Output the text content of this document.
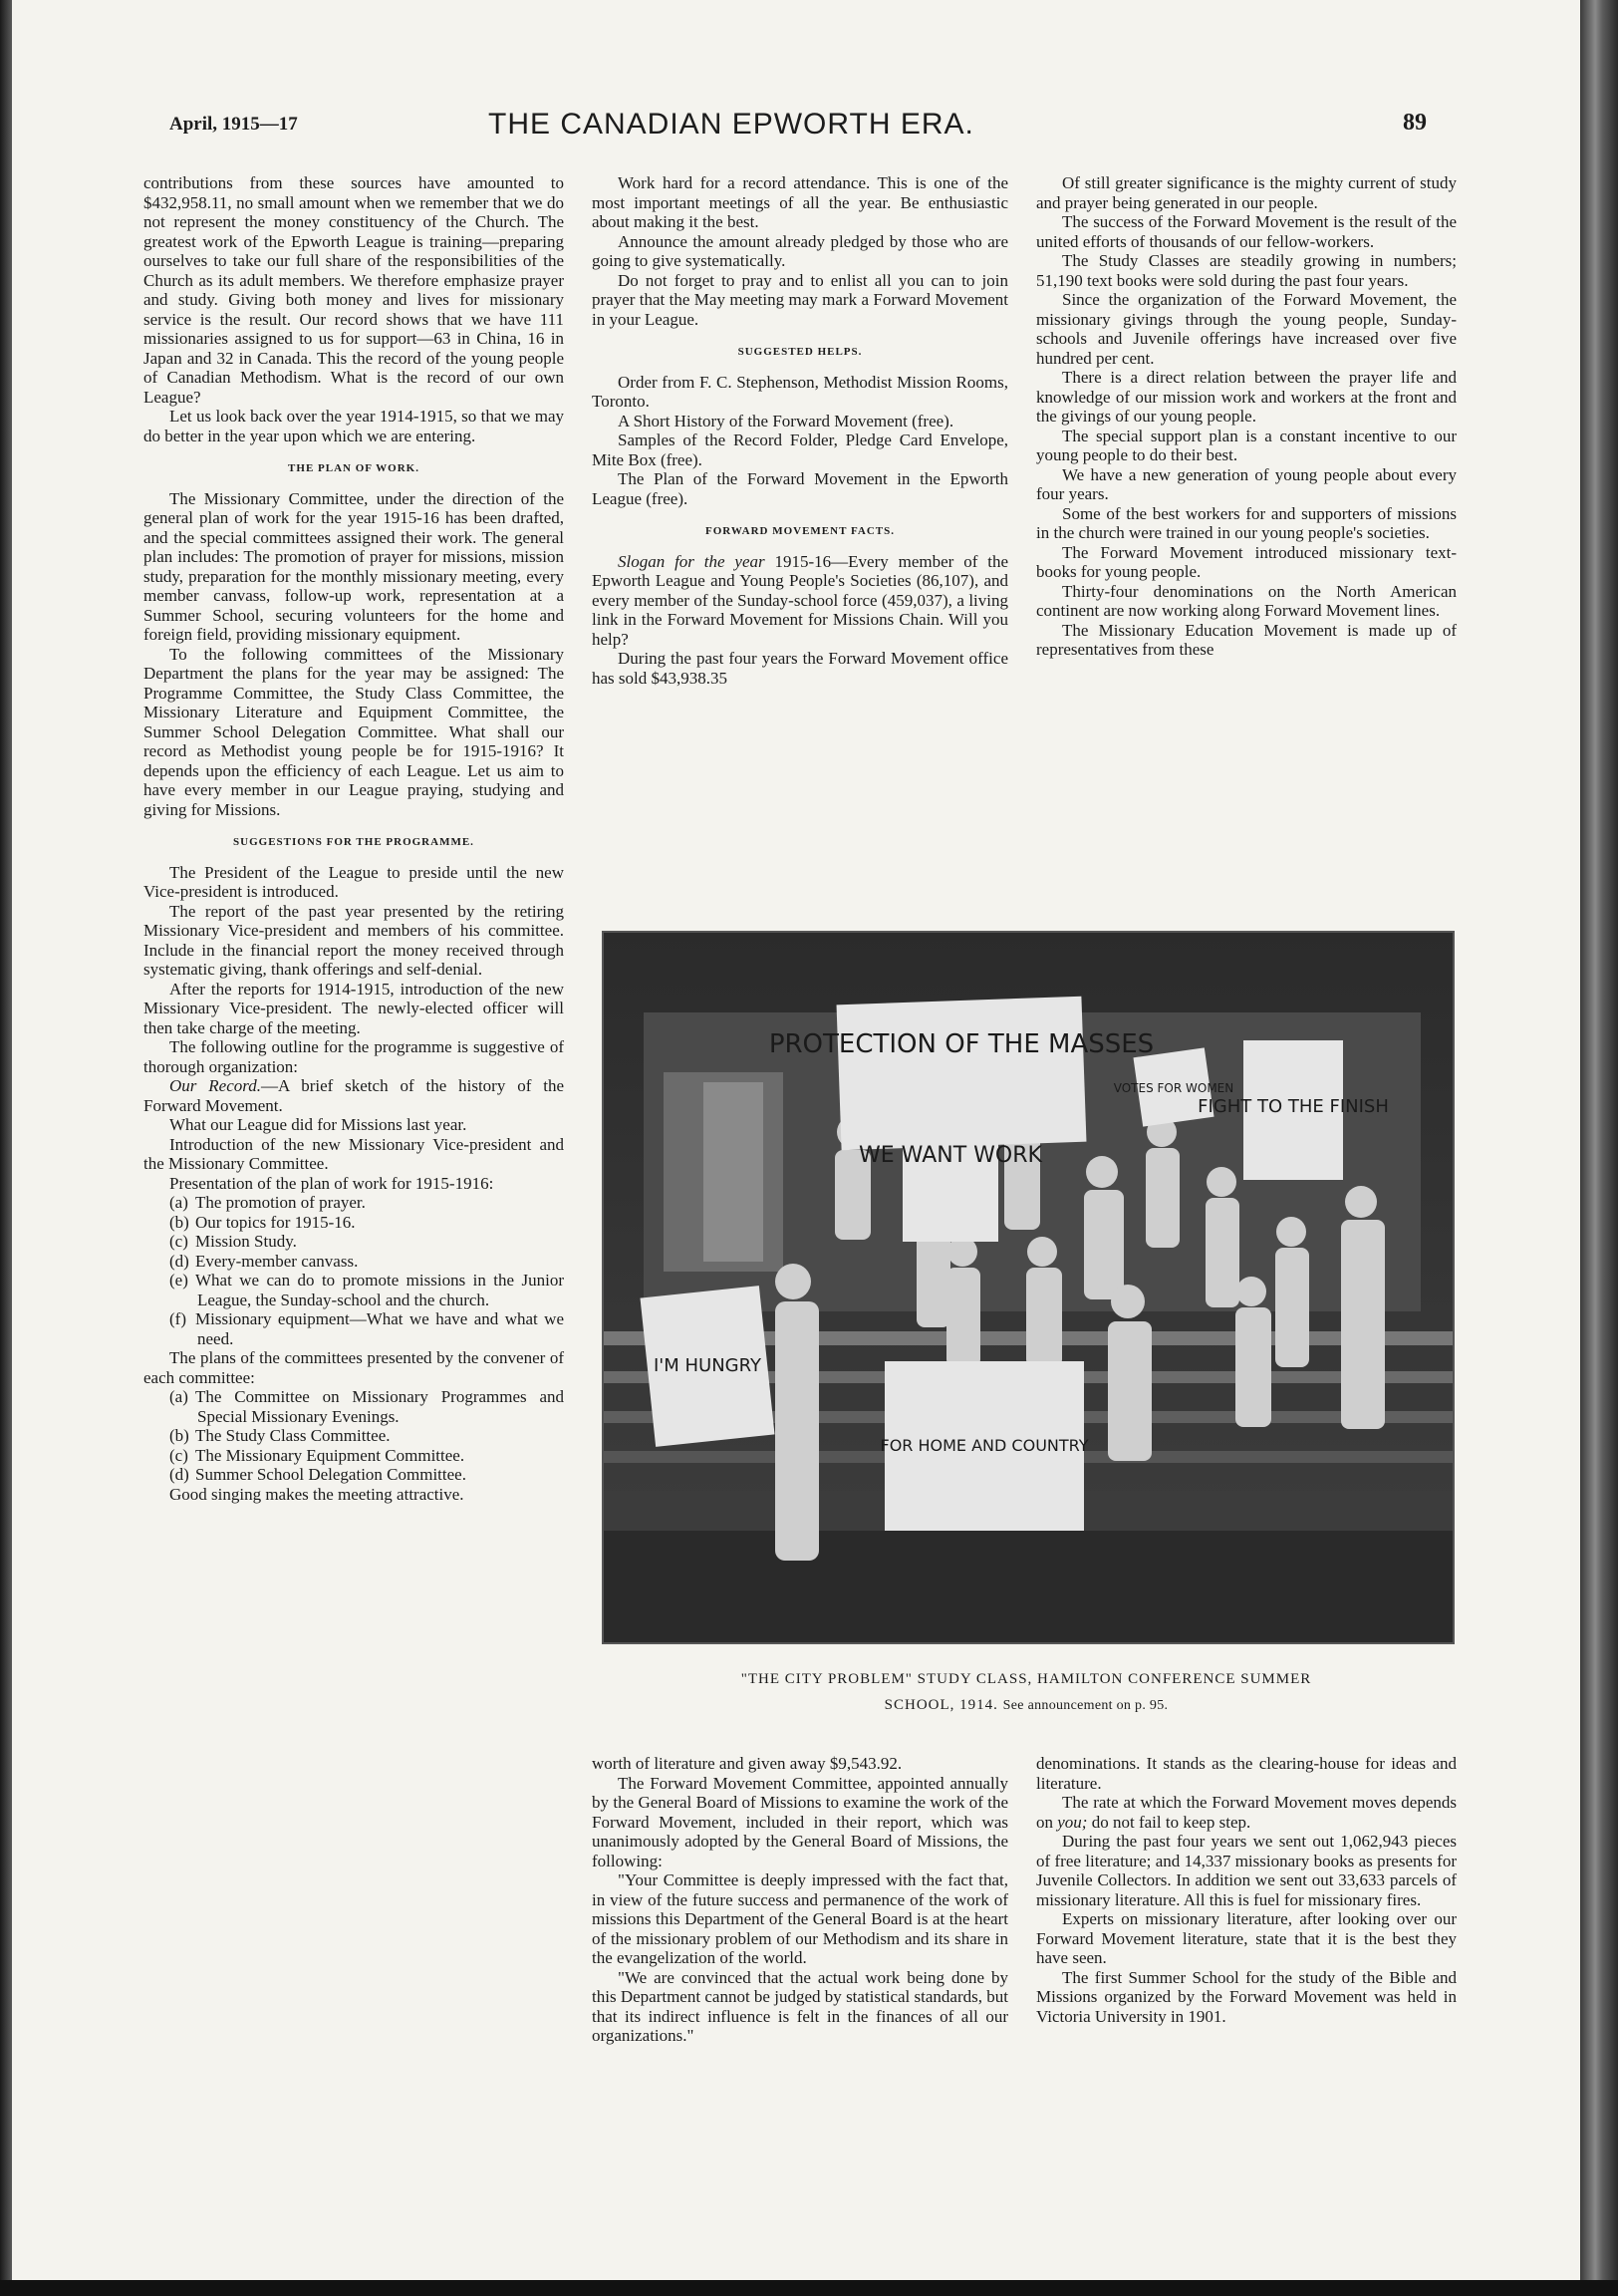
April, 1915—17	THE CANADIAN EPWORTH ERA.	89

contributions from these sources have amounted to $432,958.11, no small amount when we remember that we do not represent the money constituency of the Church. The greatest work of the Epworth League is training—preparing ourselves to take our full share of the responsibilities of the Church as its adult members. We therefore emphasize prayer and study. Giving both money and lives for missionary service is the result. Our record shows that we have 111 missionaries assigned to us for support—63 in China, 16 in Japan and 32 in Canada. This the record of the young people of Canadian Methodism. What is the record of our own League?

Let us look back over the year 1914-1915, so that we may do better in the year upon which we are entering.

THE PLAN OF WORK.

The Missionary Committee, under the direction of the general plan of work for the year 1915-16 has been drafted, and the special committees assigned their work. The general plan includes: The promotion of prayer for missions, mission study, preparation for the monthly missionary meeting, every member canvass, follow-up work, representation at a Summer School, securing volunteers for the home and foreign field, providing missionary equipment.

To the following committees of the Missionary Department the plans for the year may be assigned: The Programme Committee, the Study Class Committee, the Missionary Literature and Equipment Committee, the Summer School Delegation Committee. What shall our record as Methodist young people be for 1915-1916? It depends upon the efficiency of each League. Let us aim to have every member in our League praying, studying and giving for Missions.

SUGGESTIONS FOR THE PROGRAMME.

The President of the League to preside until the new Vice-president is introduced.

The report of the past year presented by the retiring Missionary Vice-president and members of his committee. Include in the financial report the money received through systematic giving, thank offerings and self-denial.

After the reports for 1914-1915, introduction of the new Missionary Vice-president. The newly-elected officer will then take charge of the meeting.

The following outline for the programme is suggestive of thorough organization:

Our Record.—A brief sketch of the history of the Forward Movement.

What our League did for Missions last year.

Introduction of the new Missionary Vice-president and the Missionary Committee.

Presentation of the plan of work for 1915-1916:

(a) The promotion of prayer.

(b) Our topics for 1915-16.

(c) Mission Study.

(d) Every-member canvass.

(e) What we can do to promote missions in the Junior League, the Sunday-school and the church.

(f) Missionary equipment—What we have and what we need.

The plans of the committees presented by the convener of each committee:

(a) The Committee on Missionary Programmes and Special Missionary Evenings.

(b) The Study Class Committee.

(c) The Missionary Equipment Committee.

(d) Summer School Delegation Committee.

Good singing makes the meeting attractive.

Work hard for a record attendance. This is one of the most important meetings of all the year. Be enthusiastic about making it the best.

Announce the amount already pledged by those who are going to give systematically.

Do not forget to pray and to enlist all you can to join prayer that the May meeting may mark a Forward Movement in your League.

SUGGESTED HELPS.

Order from F. C. Stephenson, Methodist Mission Rooms, Toronto.

A Short History of the Forward Movement (free).

Samples of the Record Folder, Pledge Card Envelope, Mite Box (free).

The Plan of the Forward Movement in the Epworth League (free).

FORWARD MOVEMENT FACTS.

Slogan for the year 1915-16—Every member of the Epworth League and Young People's Societies (86,107), and every member of the Sunday-school force (459,037), a living link in the Forward Movement for Missions Chain. Will you help?

During the past four years the Forward Movement office has sold $43,938.35

Of still greater significance is the mighty current of study and prayer being generated in our people.

The success of the Forward Movement is the result of the united efforts of thousands of our fellow-workers.

The Study Classes are steadily growing in numbers; 51,190 text books were sold during the past four years.

Since the organization of the Forward Movement, the missionary givings through the young people, Sunday-schools and Juvenile offerings have increased over five hundred per cent.

There is a direct relation between the prayer life and knowledge of our mission work and workers at the front and the givings of our young people.

The special support plan is a constant incentive to our young people to do their best.

We have a new generation of young people about every four years.

Some of the best workers for and supporters of missions in the church were trained in our young people's societies.

The Forward Movement introduced missionary text-books for young people.

Thirty-four denominations on the North American continent are now working along Forward Movement lines.

The Missionary Education Movement is made up of representatives from these

PROTECTION OF THE MASSES
WE WANT WORK
VOTES FOR WOMEN
FIGHT TO THE FINISH
I'M HUNGRY
FOR HOME AND COUNTRY
"THE CITY PROBLEM" STUDY CLASS, HAMILTON CONFERENCE SUMMER
SCHOOL, 1914. See announcement on p. 95.

worth of literature and given away $9,543.92.

The Forward Movement Committee, appointed annually by the General Board of Missions to examine the work of the Forward Movement, included in their report, which was unanimously adopted by the General Board of Missions, the following:

"Your Committee is deeply impressed with the fact that, in view of the future success and permanence of the work of missions this Department of the General Board is at the heart of the missionary problem of our Methodism and its share in the evangelization of the world.

"We are convinced that the actual work being done by this Department cannot be judged by statistical standards, but that its indirect influence is felt in the finances of all our organizations."

denominations. It stands as the clearing-house for ideas and literature.

The rate at which the Forward Movement moves depends on you; do not fail to keep step.

During the past four years we sent out 1,062,943 pieces of free literature; and 14,337 missionary books as presents for Juvenile Collectors. In addition we sent out 33,633 parcels of missionary literature. All this is fuel for missionary fires.

Experts on missionary literature, after looking over our Forward Movement literature, state that it is the best they have seen.

The first Summer School for the study of the Bible and Missions organized by the Forward Movement was held in Victoria University in 1901.
